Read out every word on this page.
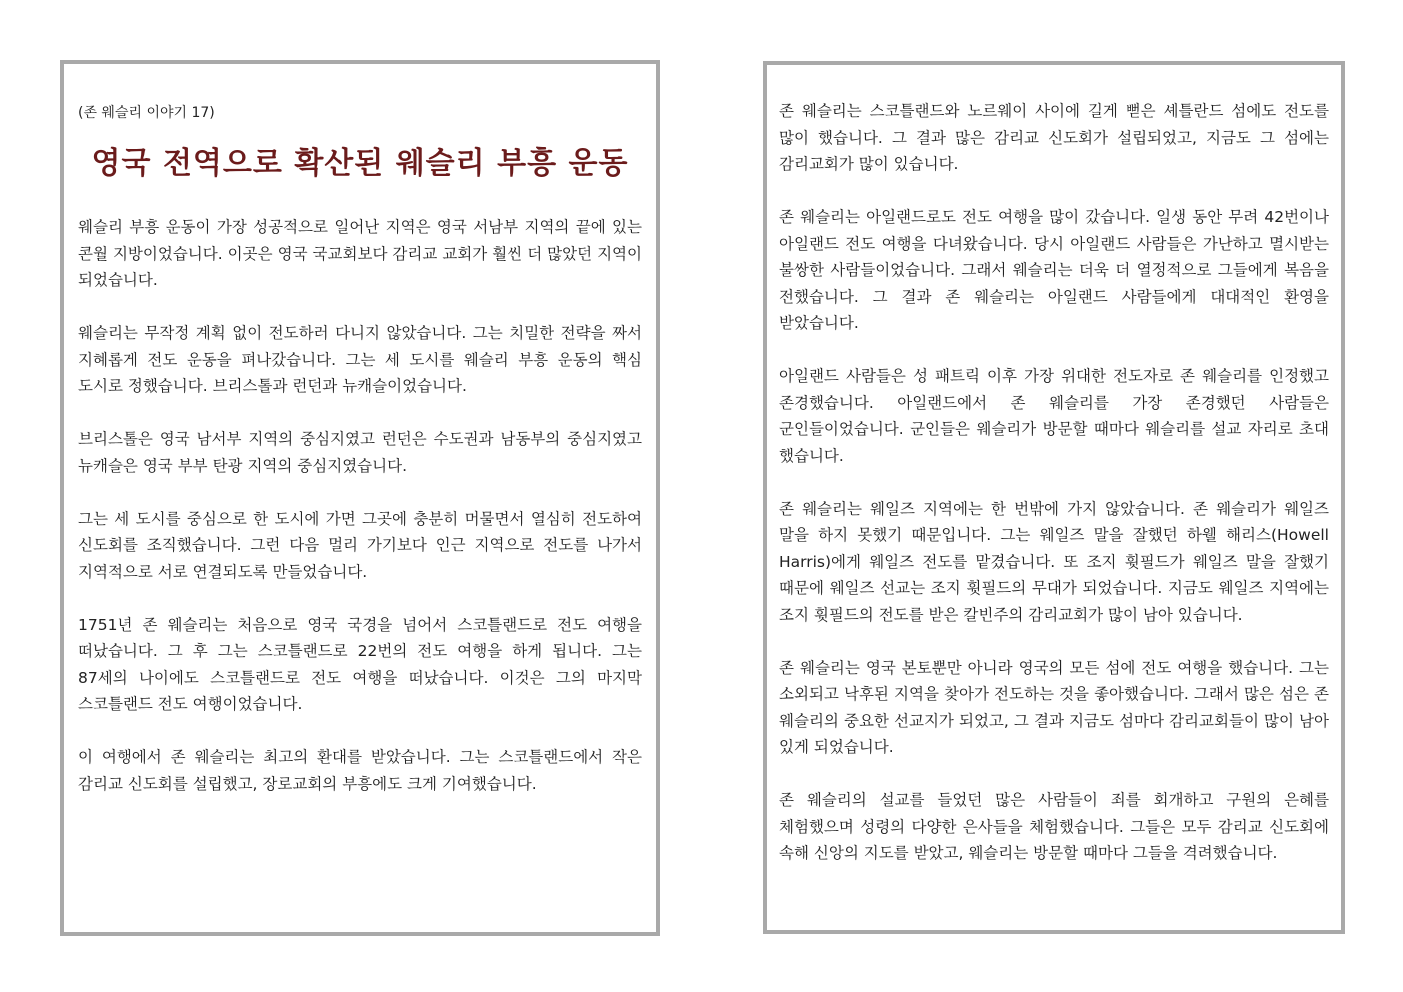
(존 웨슬리 이야기 17)

영국 전역으로 확산된 웨슬리 부흥 운동

웨슬리 부흥 운동이 가장 성공적으로 일어난 지역은 영국 서남부 지역의 끝에 있는 콘월 지방이었습니다. 이곳은 영국 국교회보다 감리교 교회가 훨씬 더 많았던 지역이 되었습니다.

웨슬리는 무작정 계획 없이 전도하러 다니지 않았습니다. 그는 치밀한 전략을 짜서 지혜롭게 전도 운동을 펴나갔습니다. 그는 세 도시를 웨슬리 부흥 운동의 핵심 도시로 정했습니다. 브리스톨과 런던과 뉴캐슬이었습니다.

브리스톨은 영국 남서부 지역의 중심지였고 런던은 수도권과 남동부의 중심지였고 뉴캐슬은 영국 부부 탄광 지역의 중심지였습니다.

그는 세 도시를 중심으로 한 도시에 가면 그곳에 충분히 머물면서 열심히 전도하여 신도회를 조직했습니다. 그런 다음 멀리 가기보다 인근 지역으로 전도를 나가서 지역적으로 서로 연결되도록 만들었습니다.

1751년 존 웨슬리는 처음으로 영국 국경을 넘어서 스코틀랜드로 전도 여행을 떠났습니다. 그 후 그는 스코틀랜드로 22번의 전도 여행을 하게 됩니다. 그는 87세의 나이에도 스코틀랜드로 전도 여행을 떠났습니다. 이것은 그의 마지막 스코틀랜드 전도 여행이었습니다.

이 여행에서 존 웨슬리는 최고의 환대를 받았습니다. 그는 스코틀랜드에서 작은 감리교 신도회를 설립했고, 장로교회의 부흥에도 크게 기여했습니다.

존 웨슬리는 스코틀랜드와 노르웨이 사이에 길게 뻗은 셰틀란드 섬에도 전도를 많이 했습니다. 그 결과 많은 감리교 신도회가 설립되었고, 지금도 그 섬에는 감리교회가 많이 있습니다.

존 웨슬리는 아일랜드로도 전도 여행을 많이 갔습니다. 일생 동안 무려 42번이나 아일랜드 전도 여행을 다녀왔습니다. 당시 아일랜드 사람들은 가난하고 멸시받는 불쌍한 사람들이었습니다. 그래서 웨슬리는 더욱 더 열정적으로 그들에게 복음을 전했습니다. 그 결과 존 웨슬리는 아일랜드 사람들에게 대대적인 환영을 받았습니다.

아일랜드 사람들은 성 패트릭 이후 가장 위대한 전도자로 존 웨슬리를 인정했고 존경했습니다. 아일랜드에서 존 웨슬리를 가장 존경했던 사람들은 군인들이었습니다. 군인들은 웨슬리가 방문할 때마다 웨슬리를 설교 자리로 초대 했습니다.

존 웨슬리는 웨일즈 지역에는 한 번밖에 가지 않았습니다. 존 웨슬리가 웨일즈 말을 하지 못했기 때문입니다. 그는 웨일즈 말을 잘했던 하웰 해리스(Howell Harris)에게 웨일즈 전도를 맡겼습니다. 또 조지 휫필드가 웨일즈 말을 잘했기 때문에 웨일즈 선교는 조지 휫필드의 무대가 되었습니다. 지금도 웨일즈 지역에는 조지 휫필드의 전도를 받은 칼빈주의 감리교회가 많이 남아 있습니다.

존 웨슬리는 영국 본토뿐만 아니라 영국의 모든 섬에 전도 여행을 했습니다. 그는 소외되고 낙후된 지역을 찾아가 전도하는 것을 좋아했습니다. 그래서 많은 섬은 존 웨슬리의 중요한 선교지가 되었고, 그 결과 지금도 섬마다 감리교회들이 많이 남아 있게 되었습니다.

존 웨슬리의 설교를 들었던 많은 사람들이 죄를 회개하고 구원의 은혜를 체험했으며 성령의 다양한 은사들을 체험했습니다. 그들은 모두 감리교 신도회에 속해 신앙의 지도를 받았고, 웨슬리는 방문할 때마다 그들을 격려했습니다.
